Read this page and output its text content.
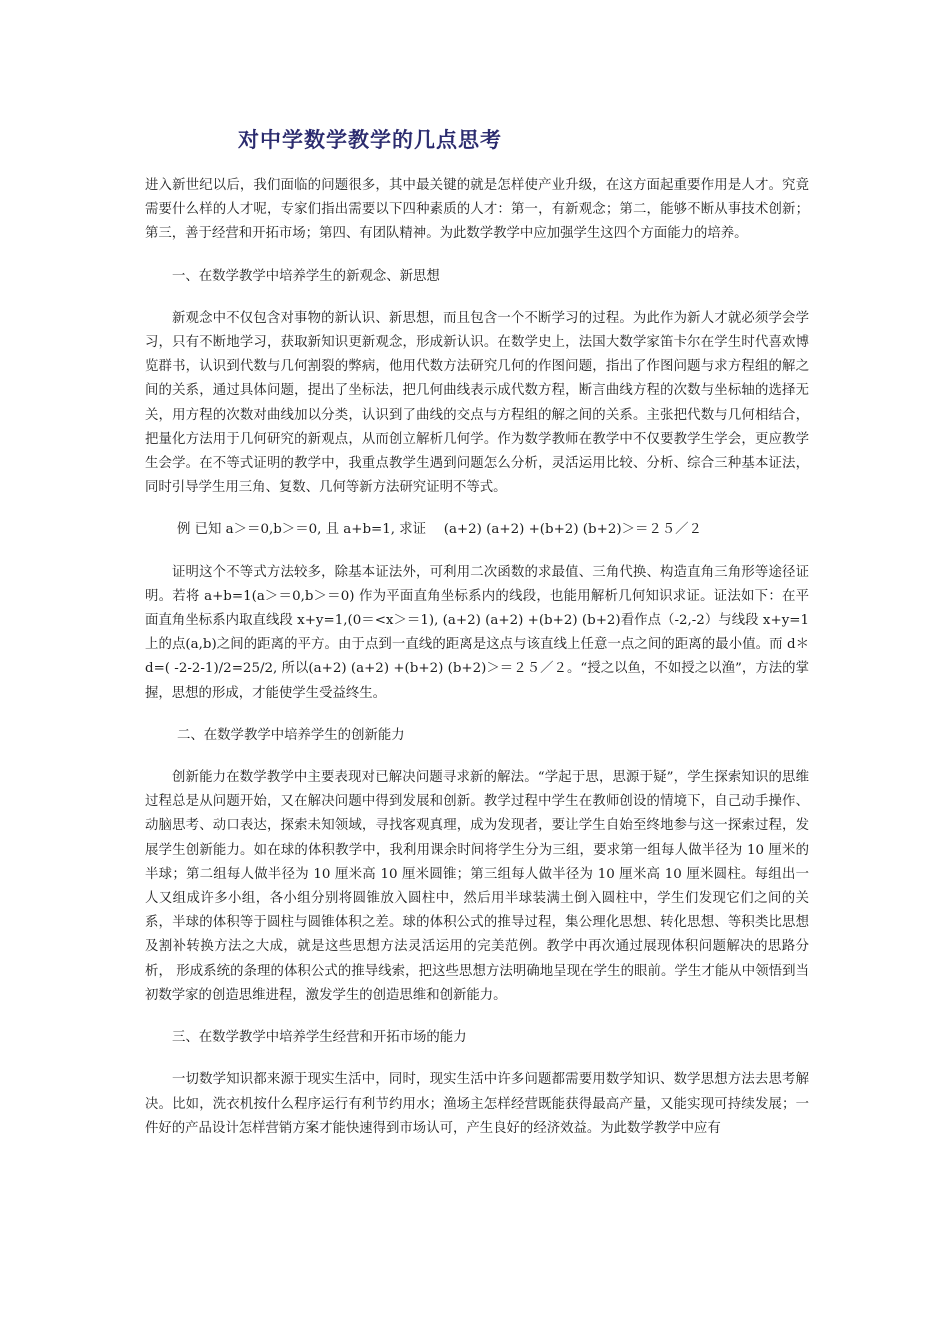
对中学数学教学的几点思考

进入新世纪以后，我们面临的问题很多，其中最关键的就是怎样使产业升级，在这方面起重要作用是人才。究竟需要什么样的人才呢，专家们指出需要以下四种素质的人才：第一，有新观念；第二，能够不断从事技术创新；第三，善于经营和开拓市场；第四、有团队精神。为此数学教学中应加强学生这四个方面能力的培养。

一、在数学教学中培养学生的新观念、新思想

新观念中不仅包含对事物的新认识、新思想，而且包含一个不断学习的过程。为此作为新人才就必须学会学习，只有不断地学习，获取新知识更新观念，形成新认识。在数学史上，法国大数学家笛卡尔在学生时代喜欢博览群书，认识到代数与几何割裂的弊病，他用代数方法研究几何的作图问题，指出了作图问题与求方程组的解之间的关系，通过具体问题，提出了坐标法，把几何曲线表示成代数方程，断言曲线方程的次数与坐标轴的选择无关，用方程的次数对曲线加以分类，认识到了曲线的交点与方程组的解之间的关系。主张把代数与几何相结合，把量化方法用于几何研究的新观点，从而创立解析几何学。作为数学教师在教学中不仅要教学生学会，更应教学生会学。在不等式证明的教学中，我重点教学生遇到问题怎么分析，灵活运用比较、分析、综合三种基本证法，同时引导学生用三角、复数、几何等新方法研究证明不等式。

例 已知 a＞＝0,b＞＝0, 且 a+b=1, 求证　 (a+2) (a+2) +(b+2) (b+2)＞＝２５／２

证明这个不等式方法较多，除基本证法外，可利用二次函数的求最值、三角代换、构造直角三角形等途径证明。若将 a+b=1(a＞＝0,b＞＝0) 作为平面直角坐标系内的线段，也能用解析几何知识求证。证法如下：在平面直角坐标系内取直线段 x+y=1,(0＝<x＞＝1), (a+2) (a+2) +(b+2) (b+2)看作点（-2,-2）与线段 x+y=1 上的点(a,b)之间的距离的平方。由于点到一直线的距离是这点与该直线上任意一点之间的距离的最小值。而 d＊d=( -2-2-1)/2=25/2, 所以(a+2) (a+2) +(b+2) (b+2)＞＝２５／２。“授之以鱼，不如授之以渔”，方法的掌握，思想的形成，才能使学生受益终生。

二、在数学教学中培养学生的创新能力

创新能力在数学教学中主要表现对已解决问题寻求新的解法。“学起于思，思源于疑”，学生探索知识的思维过程总是从问题开始，又在解决问题中得到发展和创新。教学过程中学生在教师创设的情境下，自己动手操作、动脑思考、动口表达，探索未知领域，寻找客观真理，成为发现者，要让学生自始至终地参与这一探索过程，发展学生创新能力。如在球的体积教学中，我利用课余时间将学生分为三组，要求第一组每人做半径为 10 厘米的半球；第二组每人做半径为 10 厘米高 10 厘米圆锥；第三组每人做半径为 10 厘米高 10 厘米圆柱。每组出一人又组成许多小组，各小组分别将圆锥放入圆柱中，然后用半球装满土倒入圆柱中，学生们发现它们之间的关系，半球的体积等于圆柱与圆锥体积之差。球的体积公式的推导过程，集公理化思想、转化思想、等积类比思想及割补转换方法之大成，就是这些思想方法灵活运用的完美范例。教学中再次通过展现体积问题解决的思路分析， 形成系统的条理的体积公式的推导线索，把这些思想方法明确地呈现在学生的眼前。学生才能从中领悟到当初数学家的创造思维进程，激发学生的创造思维和创新能力。

三、在数学教学中培养学生经营和开拓市场的能力

一切数学知识都来源于现实生活中，同时，现实生活中许多问题都需要用数学知识、数学思想方法去思考解决。比如，洗衣机按什么程序运行有利节约用水；渔场主怎样经营既能获得最高产量，又能实现可持续发展；一件好的产品设计怎样营销方案才能快速得到市场认可，产生良好的经济效益。为此数学教学中应有
